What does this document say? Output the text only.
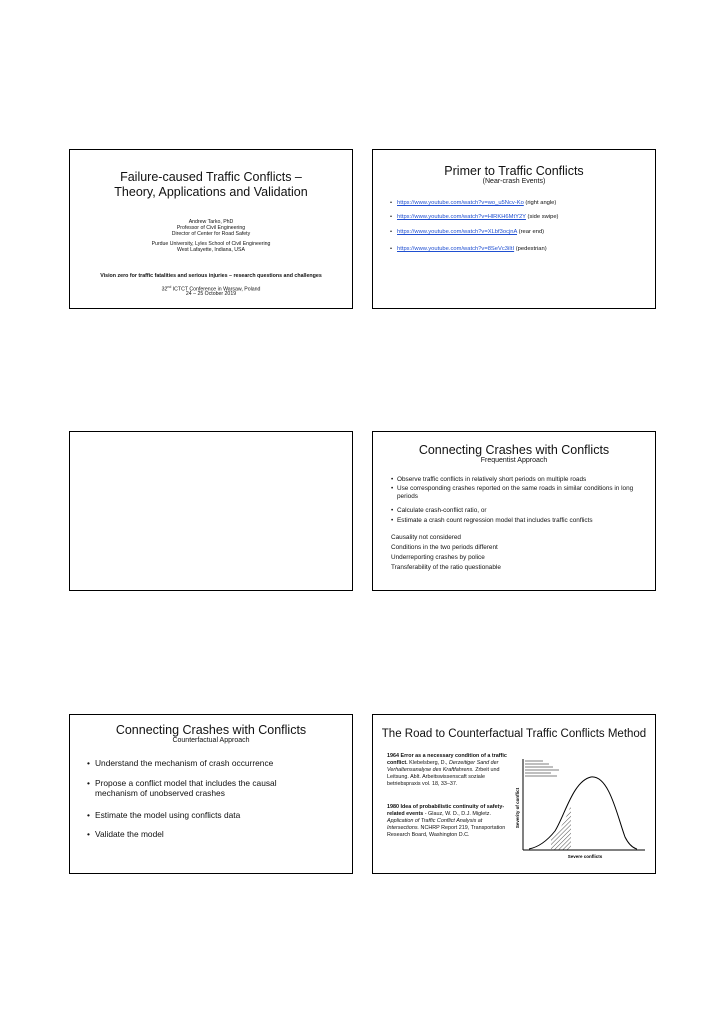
Failure-caused Traffic Conflicts –
Theory, Applications and Validation
Andrew Tarko, PhD
Professor of Civil Engineering
Director of Center for Road Safety
Purdue University, Lyles School of Civil Engineering
West Lafayette, Indiana, USA
Vision zero for traffic fatalities and serious injuries – research questions and challenges
32nd ICTCT Conference in Warsaw, Poland
24 – 25 October 2019
Primer to Traffic Conflicts
(Near-crash Events)
• https://www.youtube.com/watch?v=wo_u5Ncv-Ko (right angle)
• https://www.youtube.com/watch?v=HlRKH6MtY2Y (side swipe)
• https://www.youtube.com/watch?v=XLbf3ocjnA (rear end)
• https://www.youtube.com/watch?v=8SeVc3iItI (pedestrian)
Connecting Crashes with Conflicts
Frequentist Approach
• Observe traffic conflicts in relatively short periods on multiple roads
• Use corresponding crashes reported on the same roads in similar conditions in long periods
• Calculate crash-conflict ratio, or
• Estimate a crash count regression model that includes traffic conflicts
Causality not considered
Conditions in the two periods different
Underreporting crashes by police
Transferability of the ratio questionable
Connecting Crashes with Conflicts
Counterfactual Approach
• Understand the mechanism of crash occurrence
• Propose a conflict model that includes the causal mechanism of unobserved crashes
• Estimate the model using conflicts data
• Validate the model
The Road to Counterfactual Traffic Conflicts Method
1964 Error as a necessary condition of a traffic conflict. Klebelsberg, D., Derzeitiger Sand der Verhaltensanalyse des Kraftfahrens. Zrbeit und Leitsung. Ablt. Arbeitswissenscaft soziale betriebspraxis vol. 18, 33–37.
1980 Idea of probabilistic continuity of safety-related events - Glauz, W. D., D.J. Migletz. Application of Traffic Conflict Analysis at Intersections. NCHRP Report 219, Transportation Research Board, Washington D.C.
Severity of conflict
Severe conflicts
